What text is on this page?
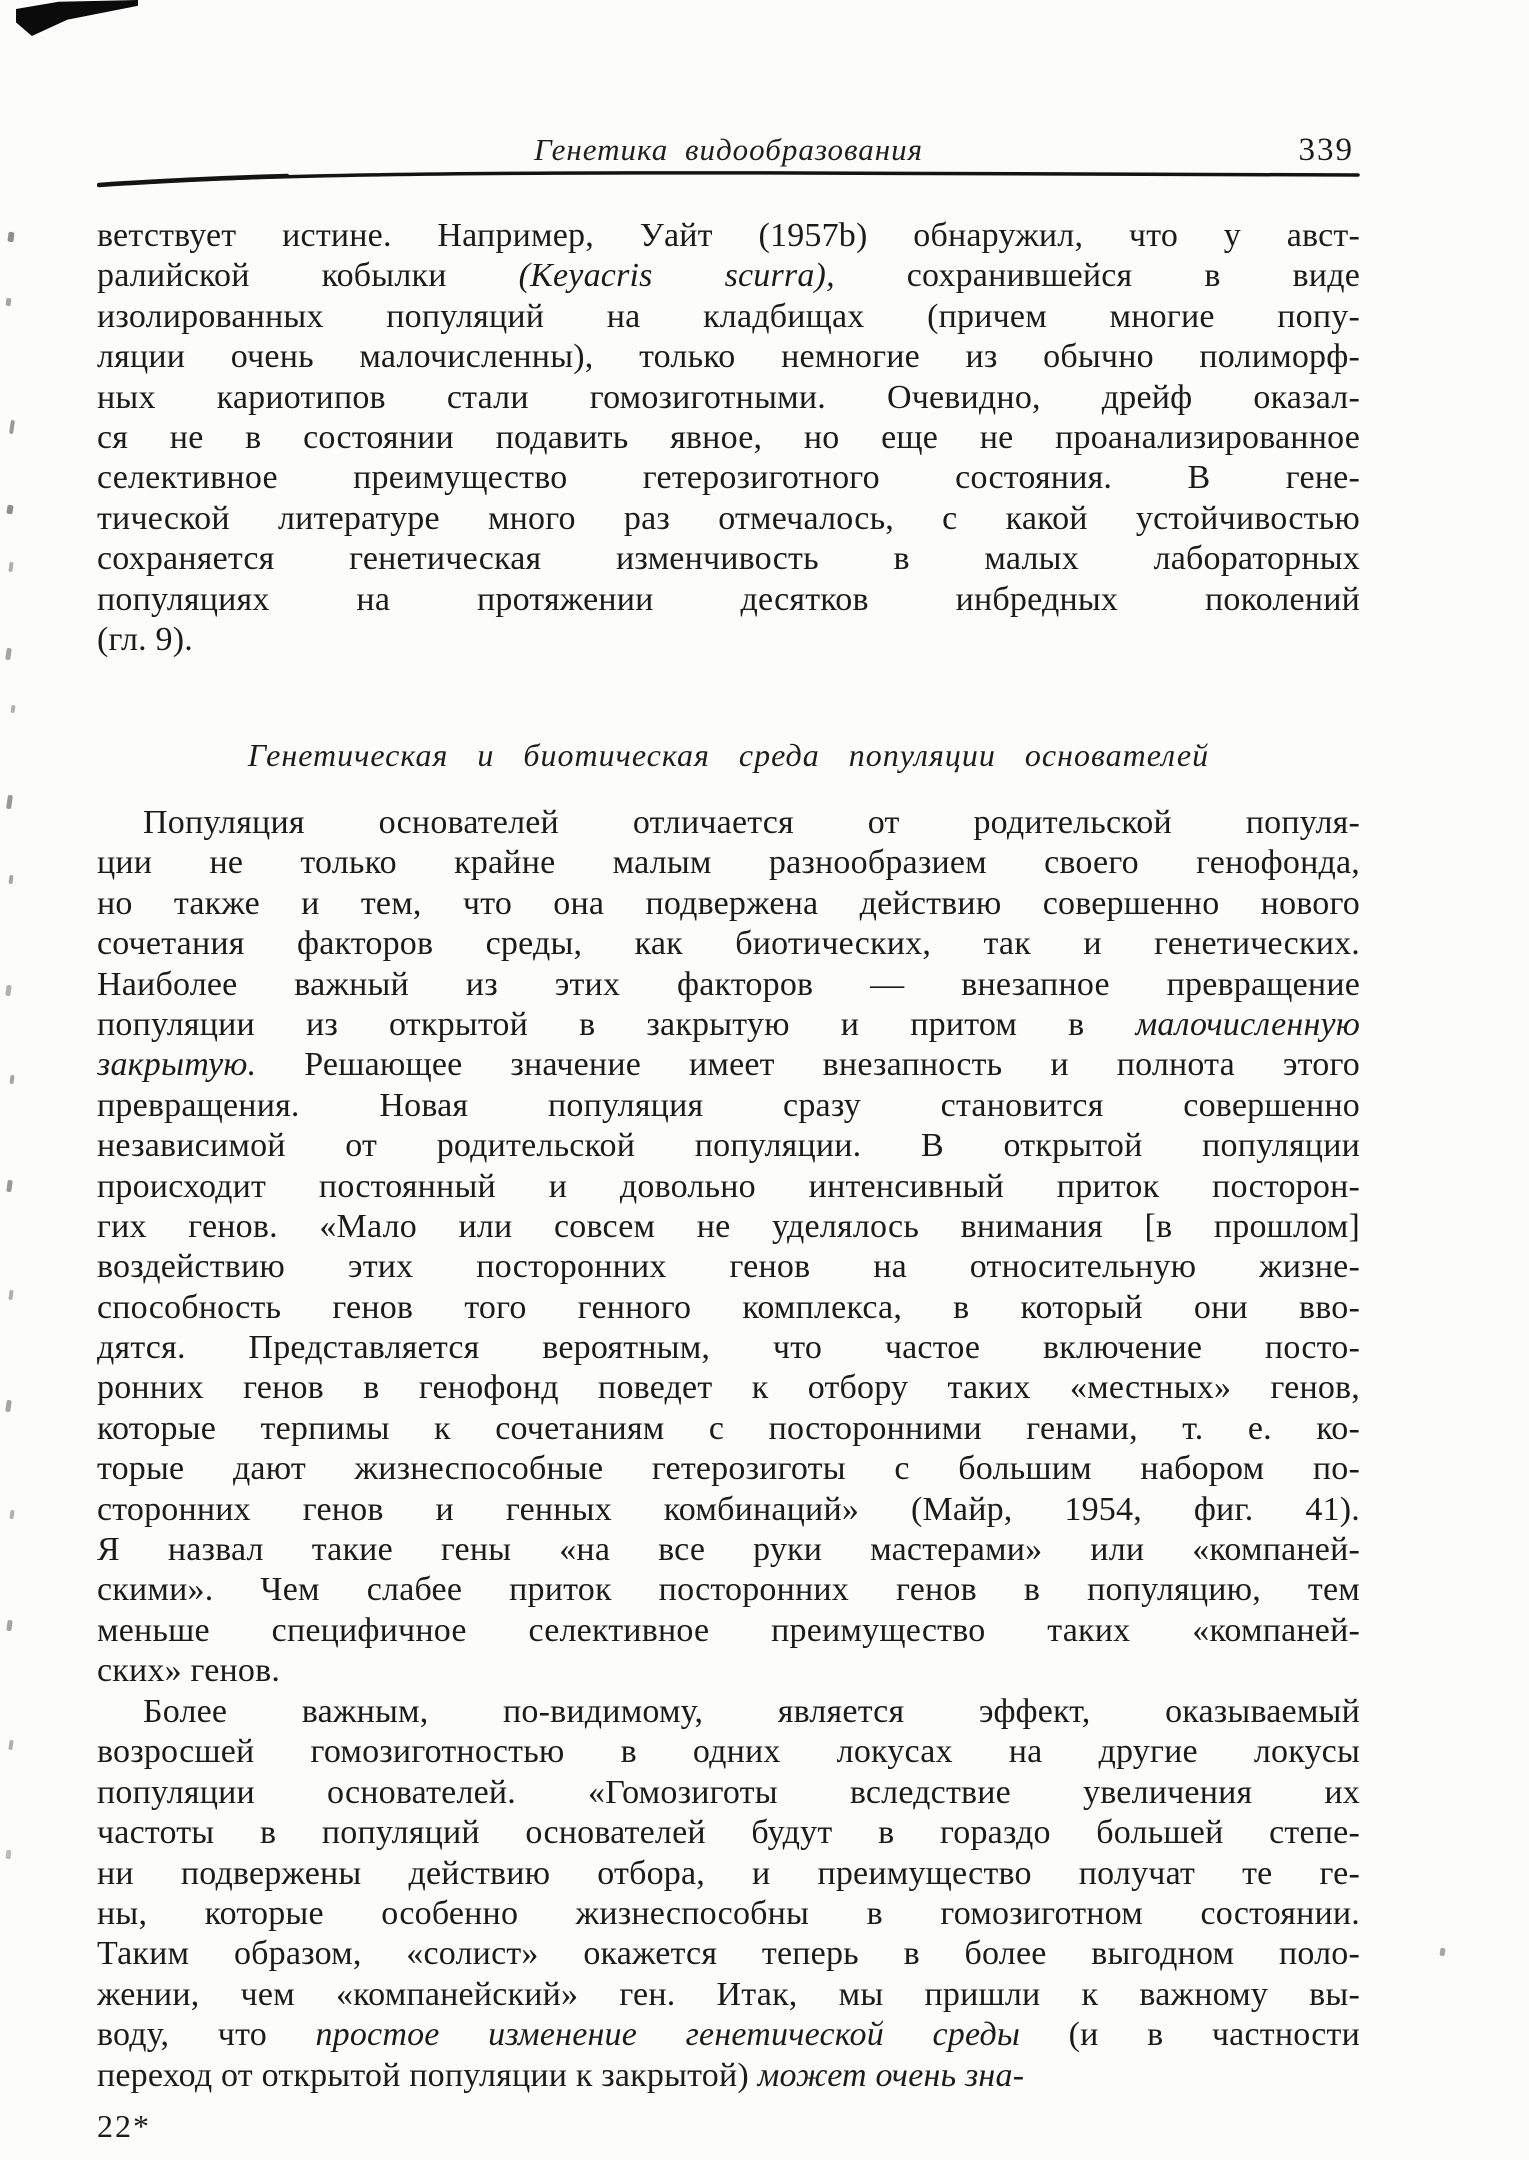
Генетика видообразования	339
ветствует истине. Например, Уайт (1957b) обнаружил, что у авст-
ралийской кобылки (Keyacris scurra), сохранившейся в виде
изолированных популяций на кладбищах (причем многие попу-
ляции очень малочисленны), только немногие из обычно полиморф-
ных кариотипов стали гомозиготными. Очевидно, дрейф оказал-
ся не в состоянии подавить явное, но еще не проанализированное
селективное преимущество гетерозиготного состояния. В гене-
тической литературе много раз отмечалось, с какой устойчивостью
сохраняется генетическая изменчивость в малых лабораторных
популяциях на протяжении десятков инбредных поколений
(гл. 9).
Генетическая и биотическая среда популяции основателей
Популяция основателей отличается от родительской популя-
ции не только крайне малым разнообразием своего генофонда,
но также и тем, что она подвержена действию совершенно нового
сочетания факторов среды, как биотических, так и генетических.
Наиболее важный из этих факторов — внезапное превращение
популяции из открытой в закрытую и притом в малочисленную
закрытую. Решающее значение имеет внезапность и полнота этого
превращения. Новая популяция сразу становится совершенно
независимой от родительской популяции. В открытой популяции
происходит постоянный и довольно интенсивный приток посторон-
гих генов. «Мало или совсем не уделялось внимания [в прошлом]
воздействию этих посторонних генов на относительную жизне-
способность генов того генного комплекса, в который они вво-
дятся. Представляется вероятным, что частое включение посто-
ронних генов в генофонд поведет к отбору таких «местных» генов,
которые терпимы к сочетаниям с посторонними генами, т. е. ко-
торые дают жизнеспособные гетерозиготы с большим набором по-
сторонних генов и генных комбинаций» (Майр, 1954, фиг. 41).
Я назвал такие гены «на все руки мастерами» или «компаней-
скими». Чем слабее приток посторонних генов в популяцию, тем
меньше специфичное селективное преимущество таких «компаней-
ских» генов.
Более важным, по-видимому, является эффект, оказываемый
возросшей гомозиготностью в одних локусах на другие локусы
популяции основателей. «Гомозиготы вследствие увеличения их
частоты в популяций основателей будут в гораздо большей степе-
ни подвержены действию отбора, и преимущество получат те ге-
ны, которые особенно жизнеспособны в гомозиготном состоянии.
Таким образом, «солист» окажется теперь в более выгодном поло-
жении, чем «компанейский» ген. Итак, мы пришли к важному вы-
воду, что простое изменение генетической среды (и в частности
переход от открытой популяции к закрытой) может очень зна-
22*
